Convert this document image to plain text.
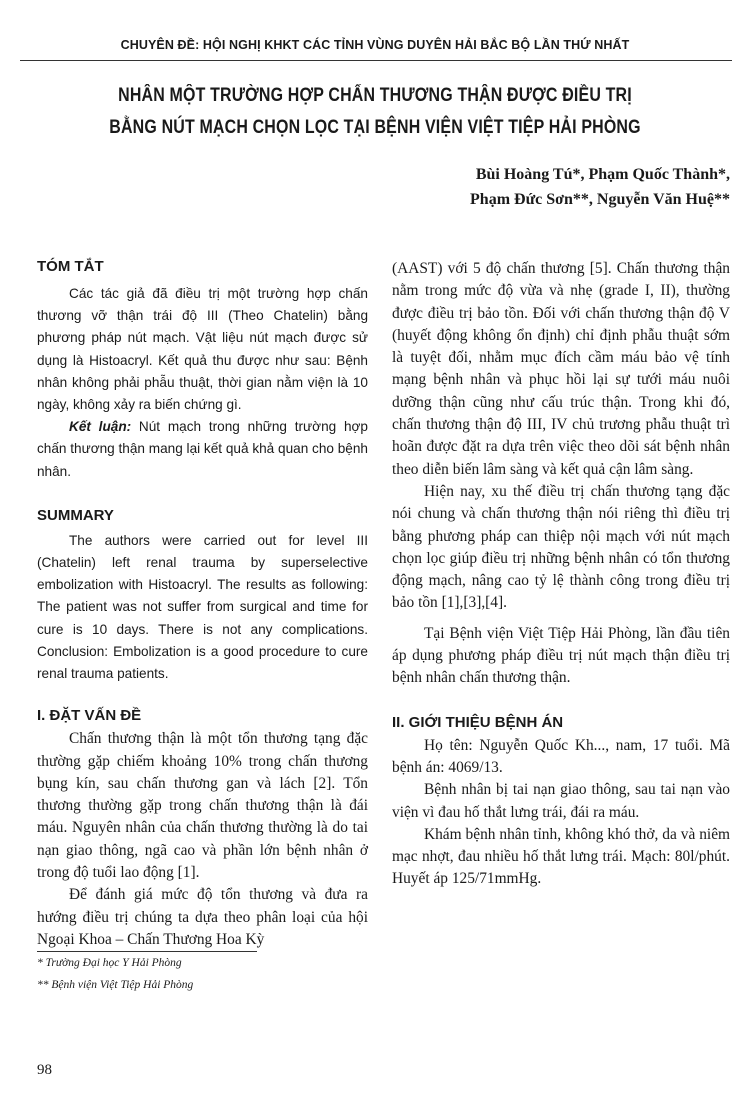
CHUYÊN ĐỀ: HỘI NGHỊ KHKT CÁC TỈNH VÙNG DUYÊN HẢI BẮC BỘ LẦN THỨ NHẤT
NHÂN MỘT TRƯỜNG HỢP CHẤN THƯƠNG THẬN ĐƯỢC ĐIỀU TRỊ
BẰNG NÚT MẠCH CHỌN LỌC TẠI BỆNH VIỆN VIỆT TIỆP HẢI PHÒNG
Bùi Hoàng Tú*, Phạm Quốc Thành*,
Phạm Đức Sơn**, Nguyễn Văn Huệ**
TÓM TẮT

Các tác giả đã điều trị một trường hợp chấn thương vỡ thận trái độ III (Theo Chatelin) bằng phương pháp nút mạch. Vật liệu nút mạch được sử dụng là Histoacryl. Kết quả thu được như sau: Bệnh nhân không phải phẫu thuật, thời gian nằm viện là 10 ngày, không xảy ra biến chứng gì.

Kết luận: Nút mạch trong những trường hợp chấn thương thận mang lại kết quả khả quan cho bệnh nhân.

SUMMARY

The authors were carried out for level III (Chatelin) left renal trauma by superselective embolization with Histoacryl. The results as following: The patient was not suffer from surgical and time for cure is 10 days. There is not any complications. Conclusion: Embolization is a good procedure to cure renal trauma patients.

I. ĐẶT VẤN ĐỀ

Chấn thương thận là một tổn thương tạng đặc thường gặp chiếm khoảng 10% trong chấn thương bụng kín, sau chấn thương gan và lách [2]. Tổn thương thường gặp trong chấn thương thận là đái máu. Nguyên nhân của chấn thương thường là do tai nạn giao thông, ngã cao và phần lớn bệnh nhân ở trong độ tuổi lao động [1].

Để đánh giá mức độ tổn thương và đưa ra hướng điều trị chúng ta dựa theo phân loại của hội Ngoại Khoa – Chấn Thương Hoa Kỳ

* Trường Đại học Y Hải Phòng

** Bệnh viện Việt Tiệp Hải Phòng

(AAST) với 5 độ chấn thương [5]. Chấn thương thận nằm trong mức độ vừa và nhẹ (grade I, II), thường được điều trị bảo tồn. Đối với chấn thương thận độ V (huyết động không ổn định) chỉ định phẫu thuật sớm là tuyệt đối, nhằm mục đích cầm máu bảo vệ tính mạng bệnh nhân và phục hồi lại sự tưới máu nuôi dưỡng thận cũng như cấu trúc thận. Trong khi đó, chấn thương thận độ III, IV chủ trương phẫu thuật trì hoãn được đặt ra dựa trên việc theo dõi sát bệnh nhân theo diễn biến lâm sàng và kết quả cận lâm sàng.

Hiện nay, xu thế điều trị chấn thương tạng đặc nói chung và chấn thương thận nói riêng thì điều trị bằng phương pháp can thiệp nội mạch với nút mạch chọn lọc giúp điều trị những bệnh nhân có tổn thương động mạch, nâng cao tỷ lệ thành công trong điều trị bảo tồn [1],[3],[4].

Tại Bệnh viện Việt Tiệp Hải Phòng, lần đầu tiên áp dụng phương pháp điều trị nút mạch thận điều trị bệnh nhân chấn thương thận.

II. GIỚI THIỆU BỆNH ÁN

Họ tên: Nguyễn Quốc Kh..., nam, 17 tuổi. Mã bệnh án: 4069/13.

Bệnh nhân bị tai nạn giao thông, sau tai nạn vào viện vì đau hố thắt lưng trái, đái ra máu.

Khám bệnh nhân tỉnh, không khó thở, da và niêm mạc nhợt, đau nhiều hố thắt lưng trái. Mạch: 80l/phút. Huyết áp 125/71mmHg.

98
